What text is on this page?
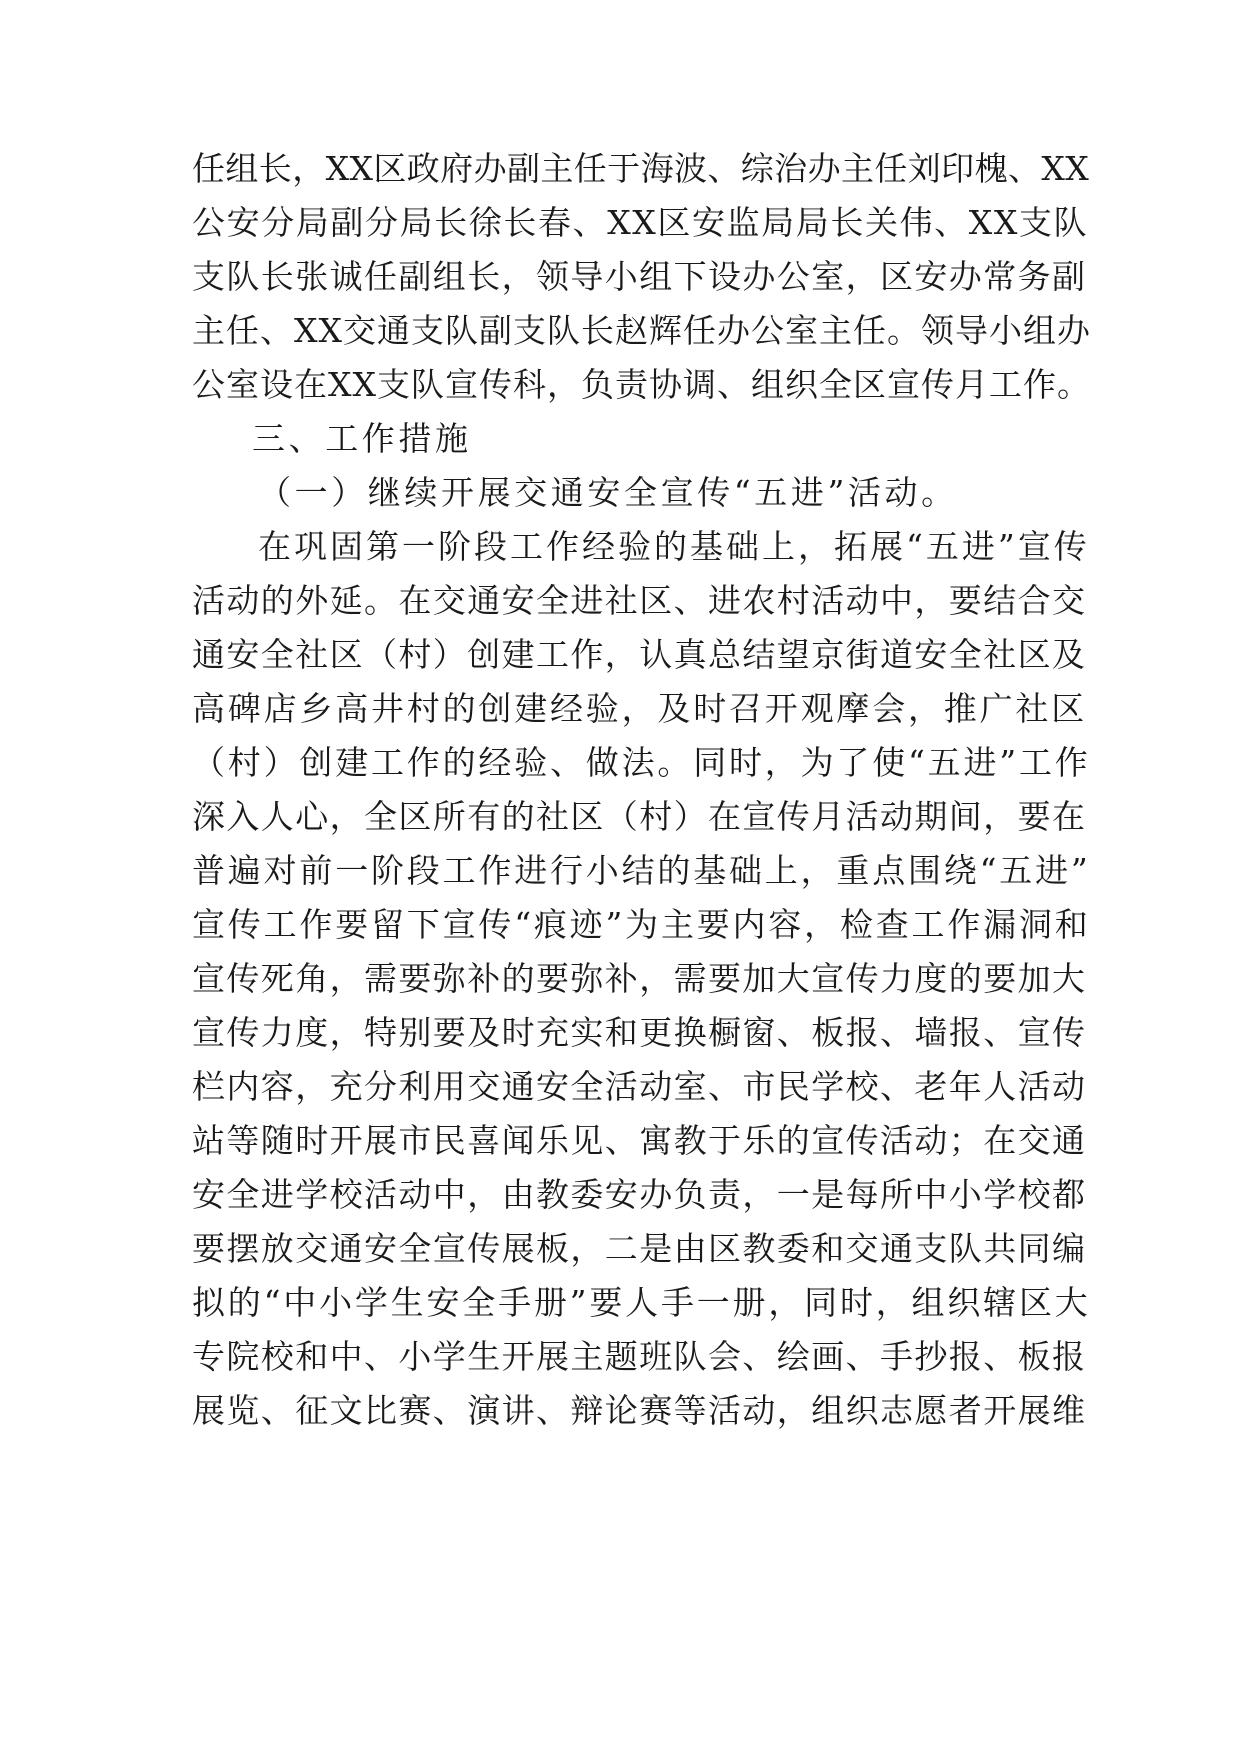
任组长，XX区政府办副主任于海波、综治办主任刘印槐、XX
公安分局副分局长徐长春、XX区安监局局长关伟、XX支队
支队长张诚任副组长，领导小组下设办公室，区安办常务副
主任、XX交通支队副支队长赵辉任办公室主任。领导小组办
公室设在XX支队宣传科，负责协调、组织全区宣传月工作。
三、工作措施
（一）继续开展交通安全宣传“五进”活动。
在巩固第一阶段工作经验的基础上，拓展“五进”宣传
活动的外延。在交通安全进社区、进农村活动中，要结合交
通安全社区（村）创建工作，认真总结望京街道安全社区及
高碑店乡高井村的创建经验，及时召开观摩会，推广社区
（村）创建工作的经验、做法。同时，为了使“五进”工作
深入人心，全区所有的社区（村）在宣传月活动期间，要在
普遍对前一阶段工作进行小结的基础上，重点围绕“五进”
宣传工作要留下宣传“痕迹”为主要内容，检查工作漏洞和
宣传死角，需要弥补的要弥补，需要加大宣传力度的要加大
宣传力度，特别要及时充实和更换橱窗、板报、墙报、宣传
栏内容，充分利用交通安全活动室、市民学校、老年人活动
站等随时开展市民喜闻乐见、寓教于乐的宣传活动；在交通
安全进学校活动中，由教委安办负责，一是每所中小学校都
要摆放交通安全宣传展板，二是由区教委和交通支队共同编
拟的“中小学生安全手册”要人手一册，同时，组织辖区大
专院校和中、小学生开展主题班队会、绘画、手抄报、板报
展览、征文比赛、演讲、辩论赛等活动，组织志愿者开展维
